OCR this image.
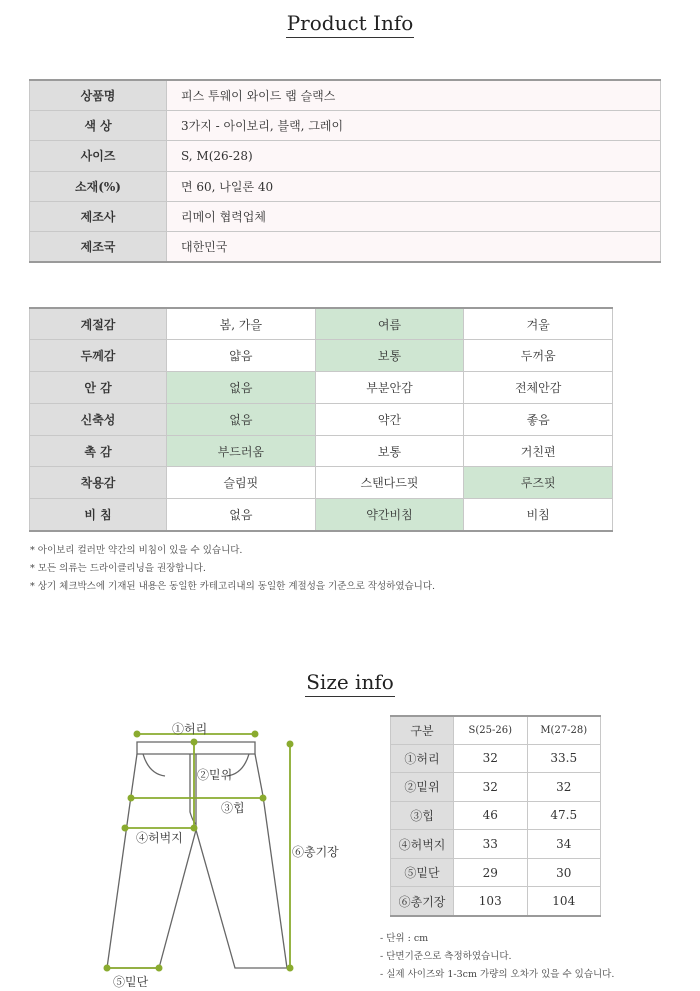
Product Info
상품명	피스 투웨이 와이드 랩 슬랙스
색 상	3가지 - 아이보리, 블랙, 그레이
사이즈	S, M(26-28)
소재(%)	면 60, 나일론 40
제조사	리메이 협력업체
제조국	대한민국
계절감	봄, 가을	여름	겨울
두께감	얇음	보통	두꺼움
안 감	없음	부분안감	전체안감
신축성	없음	약간	좋음
촉 감	부드러움	보통	거친편
착용감	슬림핏	스탠다드핏	루즈핏
비 침	없음	약간비침	비침
* 아이보리 컬러만 약간의 비침이 있을 수 있습니다.
* 모든 의류는 드라이클리닝을 권장합니다.
* 상기 체크박스에 기재된 내용은 동일한 카테고리내의 동일한 계절성을 기준으로 작성하였습니다.
Size info
①허리
②밑위
③힙
④허벅지
⑥총기장
⑤밑단
구분	S(25-26)	M(27-28)
①허리	32	33.5
②밑위	32	32
③힙	46	47.5
④허벅지	33	34
⑤밑단	29	30
⑥총기장	103	104
- 단위 : cm
- 단면기준으로 측정하였습니다.
- 실제 사이즈와 1-3cm 가량의 오차가 있을 수 있습니다.
